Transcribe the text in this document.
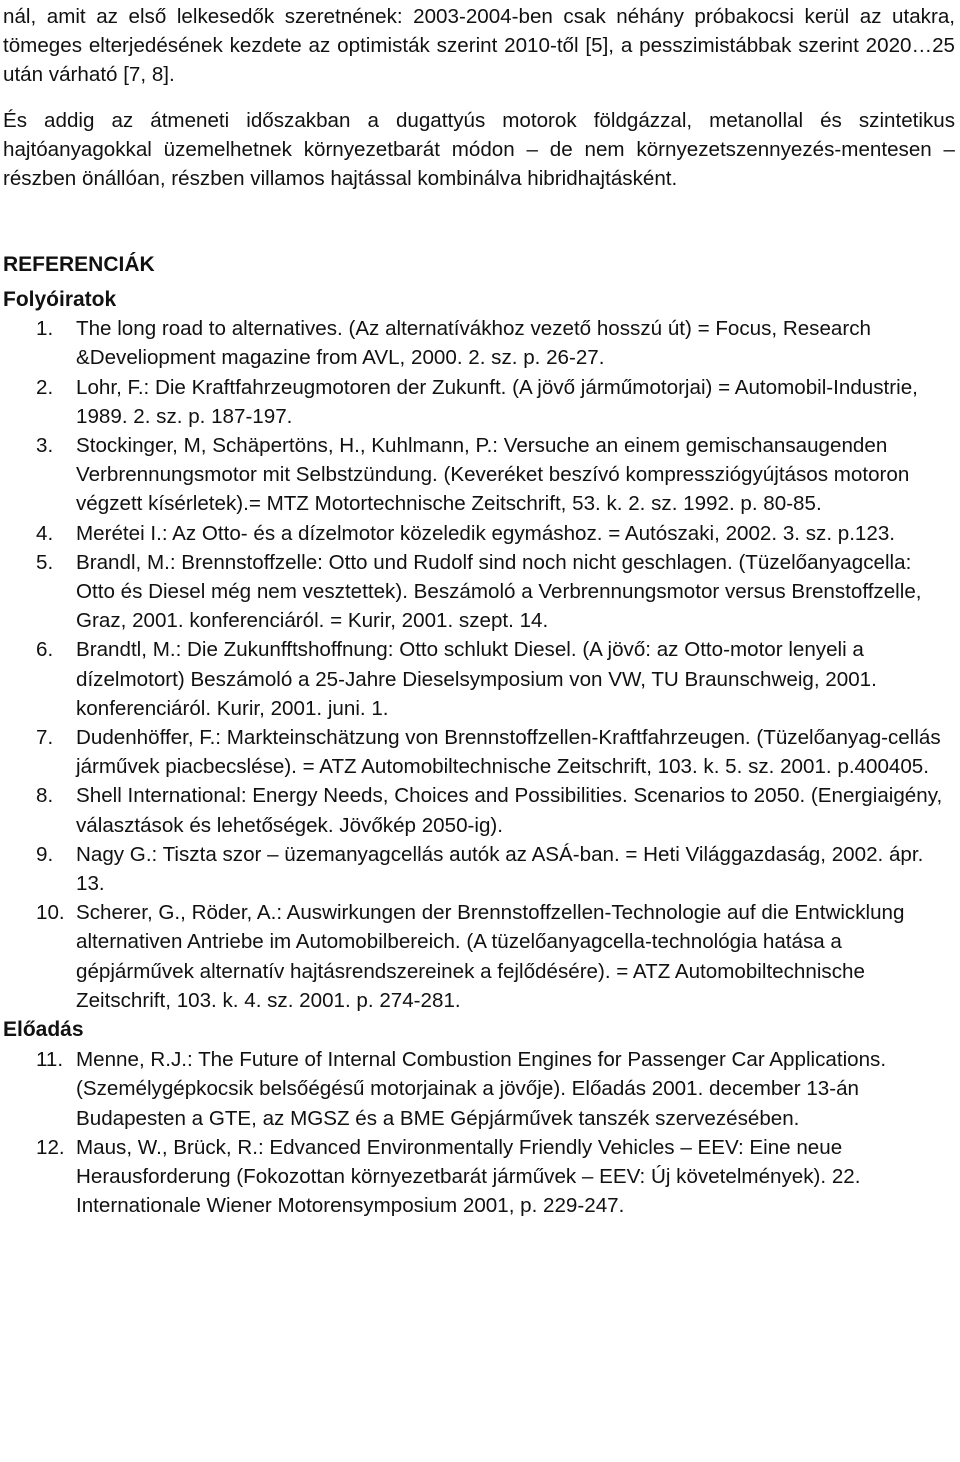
nál, amit az első lelkesedők szeretnének: 2003-2004-ben csak néhány próbakocsi kerül az utakra, tömeges elterjedésének kezdete az optimisták szerint 2010-től [5], a pesszimistábbak szerint 2020…25 után várható [7, 8].

És addig az átmeneti időszakban a dugattyús motorok földgázzal, metanollal és szintetikus hajtóanyagokkal üzemelhetnek környezetbarát módon – de nem környezetszennyezés-mentesen – részben önállóan, részben villamos hajtással kombinálva hibridhajtásként.

REFERENCIÁK
Folyóiratok
1. The long road to alternatives. (Az alternatívákhoz vezető hosszú út) = Focus, Research &Develiopment magazine from AVL, 2000. 2. sz. p. 26-27.
2. Lohr, F.: Die Kraftfahrzeugmotoren der Zukunft. (A jövő járműmotorjai) = Automobil-Industrie, 1989. 2. sz. p. 187-197.
3. Stockinger, M, Schäpertöns, H., Kuhlmann, P.: Versuche an einem gemischansaugenden Verbrennungsmotor mit Selbstzündung. (Keveréket beszívó kompressziógyújtásos motoron végzett kísérletek).= MTZ Motortechnische Zeitschrift, 53. k. 2. sz. 1992. p. 80-85.
4. Merétei I.: Az Otto- és a dízelmotor közeledik egymáshoz. = Autószaki, 2002. 3. sz. p.123.
5. Brandl, M.: Brennstoffzelle: Otto und Rudolf sind noch nicht geschlagen. (Tüzelőanyagcella: Otto és Diesel még nem vesztettek). Beszámoló a Verbrennungsmotor versus Brenstoffzelle, Graz, 2001. konferenciáról. = Kurir, 2001. szept. 14.
6. Brandtl, M.: Die Zukunfftshoffnung: Otto schlukt Diesel. (A jövő: az Otto-motor lenyeli a dízelmotort) Beszámoló a 25-Jahre Dieselsymposium von VW, TU Braunschweig, 2001. konferenciáról. Kurir, 2001. juni. 1.
7. Dudenhöffer, F.: Markteinschätzung von Brennstoffzellen-Kraftfahrzeugen. (Tüzelőanyag-cellás járművek piacbecslése). = ATZ Automobiltechnische Zeitschrift, 103. k. 5. sz. 2001. p.400405.
8. Shell International: Energy Needs, Choices and Possibilities. Scenarios to 2050. (Energiaigény, választások és lehetőségek. Jövőkép 2050-ig).
9. Nagy G.: Tiszta szor – üzemanyagcellás autók az ASÁ-ban. = Heti Világgazdaság, 2002. ápr. 13.
10. Scherer, G., Röder, A.: Auswirkungen der Brennstoffzellen-Technologie auf die Entwicklung alternativen Antriebe im Automobilbereich. (A tüzelőanyagcella-technológia hatása a gépjárművek alternatív hajtásrendszereinek a fejlődésére). = ATZ Automobiltechnische Zeitschrift, 103. k. 4. sz. 2001. p. 274-281.
Előadás
11. Menne, R.J.: The Future of Internal Combustion Engines for Passenger Car Applications. (Személygépkocsik belsőégésű motorjainak a jövője). Előadás 2001. december 13-án Budapesten a GTE, az MGSZ és a BME Gépjárművek tanszék szervezésében.
12. Maus, W., Brück, R.: Edvanced Environmentally Friendly Vehicles – EEV: Eine neue Herausforderung (Fokozottan környezetbarát járművek – EEV: Új követelmények). 22. Internationale Wiener Motorensymposium 2001, p. 229-247.
